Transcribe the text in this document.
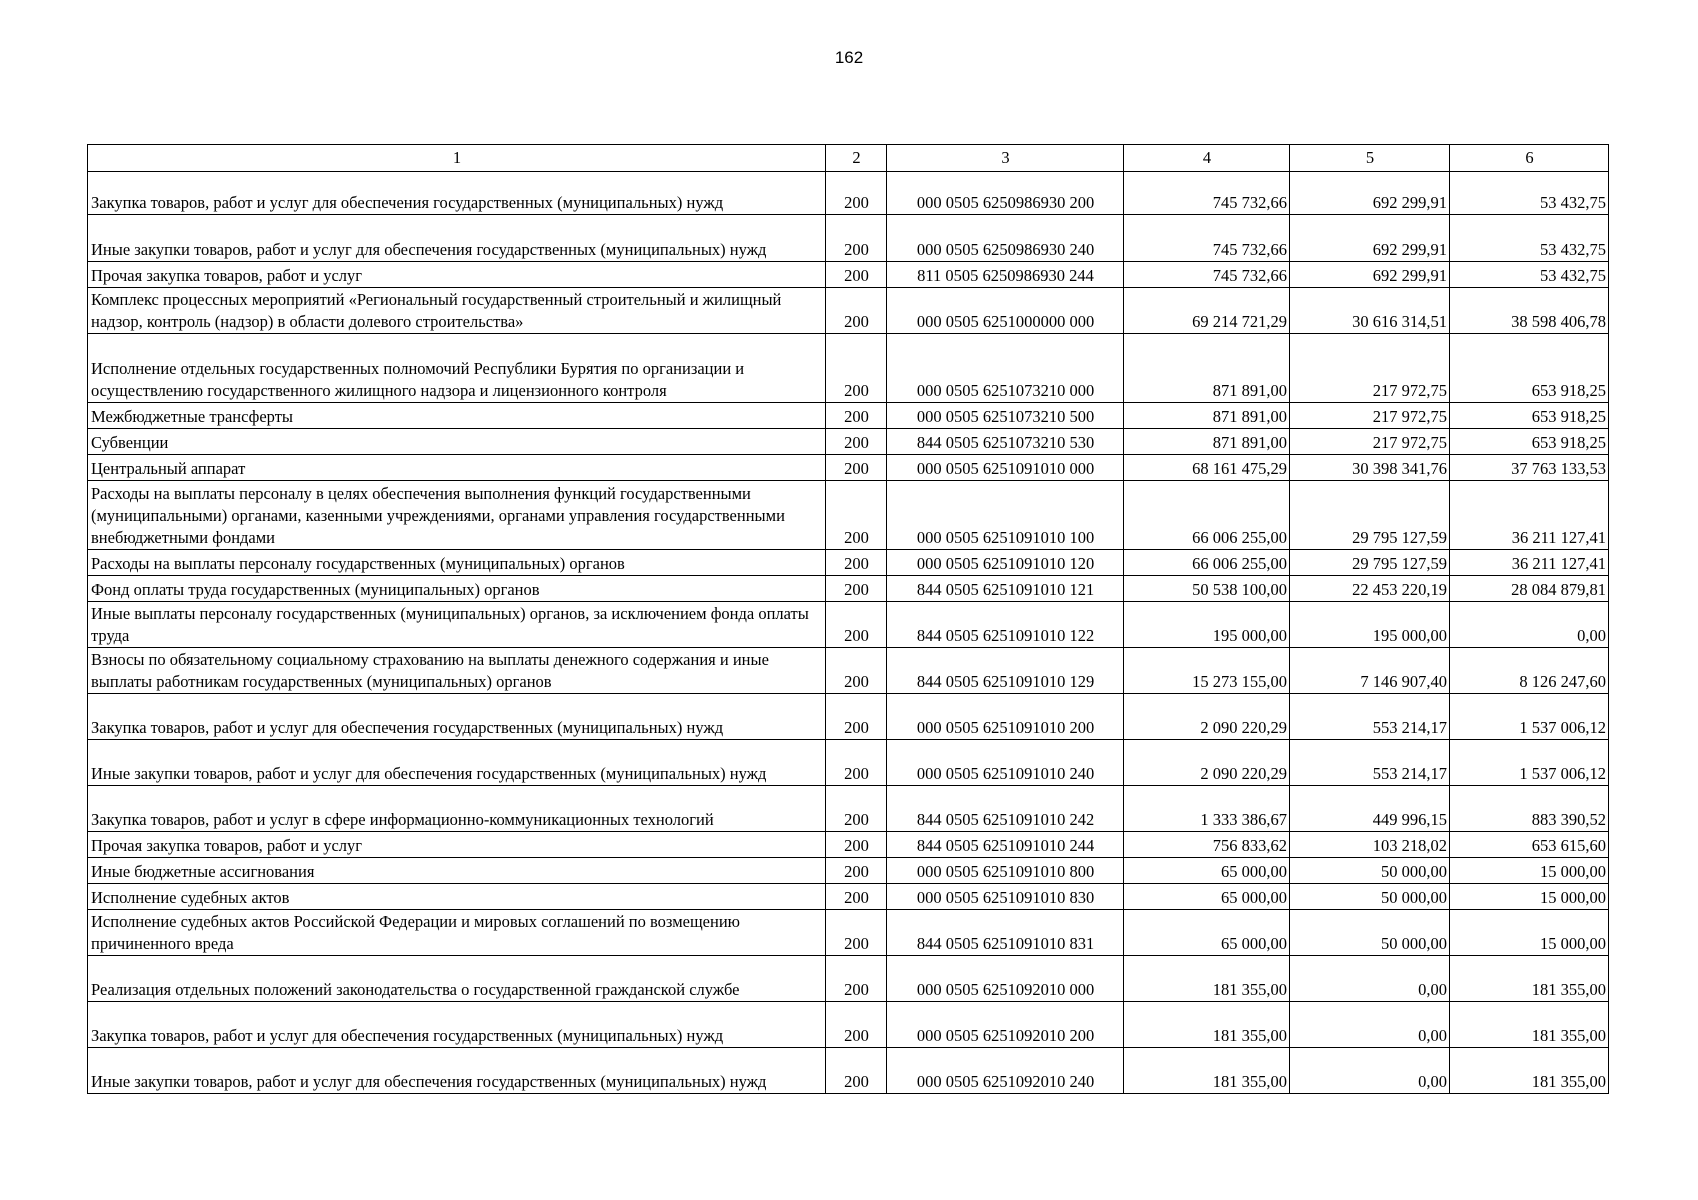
162
1	2	3	4	5	6
Закупка товаров, работ и услуг для обеспечения государственных (муниципальных) нужд	200	000 0505 6250986930 200	745 732,66	692 299,91	53 432,75
Иные закупки товаров, работ и услуг для обеспечения государственных (муниципальных) нужд	200	000 0505 6250986930 240	745 732,66	692 299,91	53 432,75
Прочая закупка товаров, работ и услуг	200	811 0505 6250986930 244	745 732,66	692 299,91	53 432,75
Комплекс процессных мероприятий «Региональный государственный строительный и жилищный надзор, контроль (надзор) в области долевого строительства»	200	000 0505 6251000000 000	69 214 721,29	30 616 314,51	38 598 406,78
Исполнение отдельных государственных полномочий Республики Бурятия по организации и осуществлению государственного жилищного надзора и лицензионного контроля	200	000 0505 6251073210 000	871 891,00	217 972,75	653 918,25
Межбюджетные трансферты	200	000 0505 6251073210 500	871 891,00	217 972,75	653 918,25
Субвенции	200	844 0505 6251073210 530	871 891,00	217 972,75	653 918,25
Центральный аппарат	200	000 0505 6251091010 000	68 161 475,29	30 398 341,76	37 763 133,53
Расходы на выплаты персоналу в целях обеспечения выполнения функций государственными (муниципальными) органами, казенными учреждениями, органами управления государственными внебюджетными фондами	200	000 0505 6251091010 100	66 006 255,00	29 795 127,59	36 211 127,41
Расходы на выплаты персоналу государственных (муниципальных) органов	200	000 0505 6251091010 120	66 006 255,00	29 795 127,59	36 211 127,41
Фонд оплаты труда государственных (муниципальных) органов	200	844 0505 6251091010 121	50 538 100,00	22 453 220,19	28 084 879,81
Иные выплаты персоналу государственных (муниципальных) органов, за исключением фонда оплаты труда	200	844 0505 6251091010 122	195 000,00	195 000,00	0,00
Взносы по обязательному социальному страхованию на выплаты денежного содержания и иные выплаты работникам государственных (муниципальных) органов	200	844 0505 6251091010 129	15 273 155,00	7 146 907,40	8 126 247,60
Закупка товаров, работ и услуг для обеспечения государственных (муниципальных) нужд	200	000 0505 6251091010 200	2 090 220,29	553 214,17	1 537 006,12
Иные закупки товаров, работ и услуг для обеспечения государственных (муниципальных) нужд	200	000 0505 6251091010 240	2 090 220,29	553 214,17	1 537 006,12
Закупка товаров, работ и услуг в сфере информационно-коммуникационных технологий	200	844 0505 6251091010 242	1 333 386,67	449 996,15	883 390,52
Прочая закупка товаров, работ и услуг	200	844 0505 6251091010 244	756 833,62	103 218,02	653 615,60
Иные бюджетные ассигнования	200	000 0505 6251091010 800	65 000,00	50 000,00	15 000,00
Исполнение судебных актов	200	000 0505 6251091010 830	65 000,00	50 000,00	15 000,00
Исполнение судебных актов Российской Федерации и мировых соглашений по возмещению причиненного вреда	200	844 0505 6251091010 831	65 000,00	50 000,00	15 000,00
Реализация отдельных положений законодательства о государственной гражданской службе	200	000 0505 6251092010 000	181 355,00	0,00	181 355,00
Закупка товаров, работ и услуг для обеспечения государственных (муниципальных) нужд	200	000 0505 6251092010 200	181 355,00	0,00	181 355,00
Иные закупки товаров, работ и услуг для обеспечения государственных (муниципальных) нужд	200	000 0505 6251092010 240	181 355,00	0,00	181 355,00
